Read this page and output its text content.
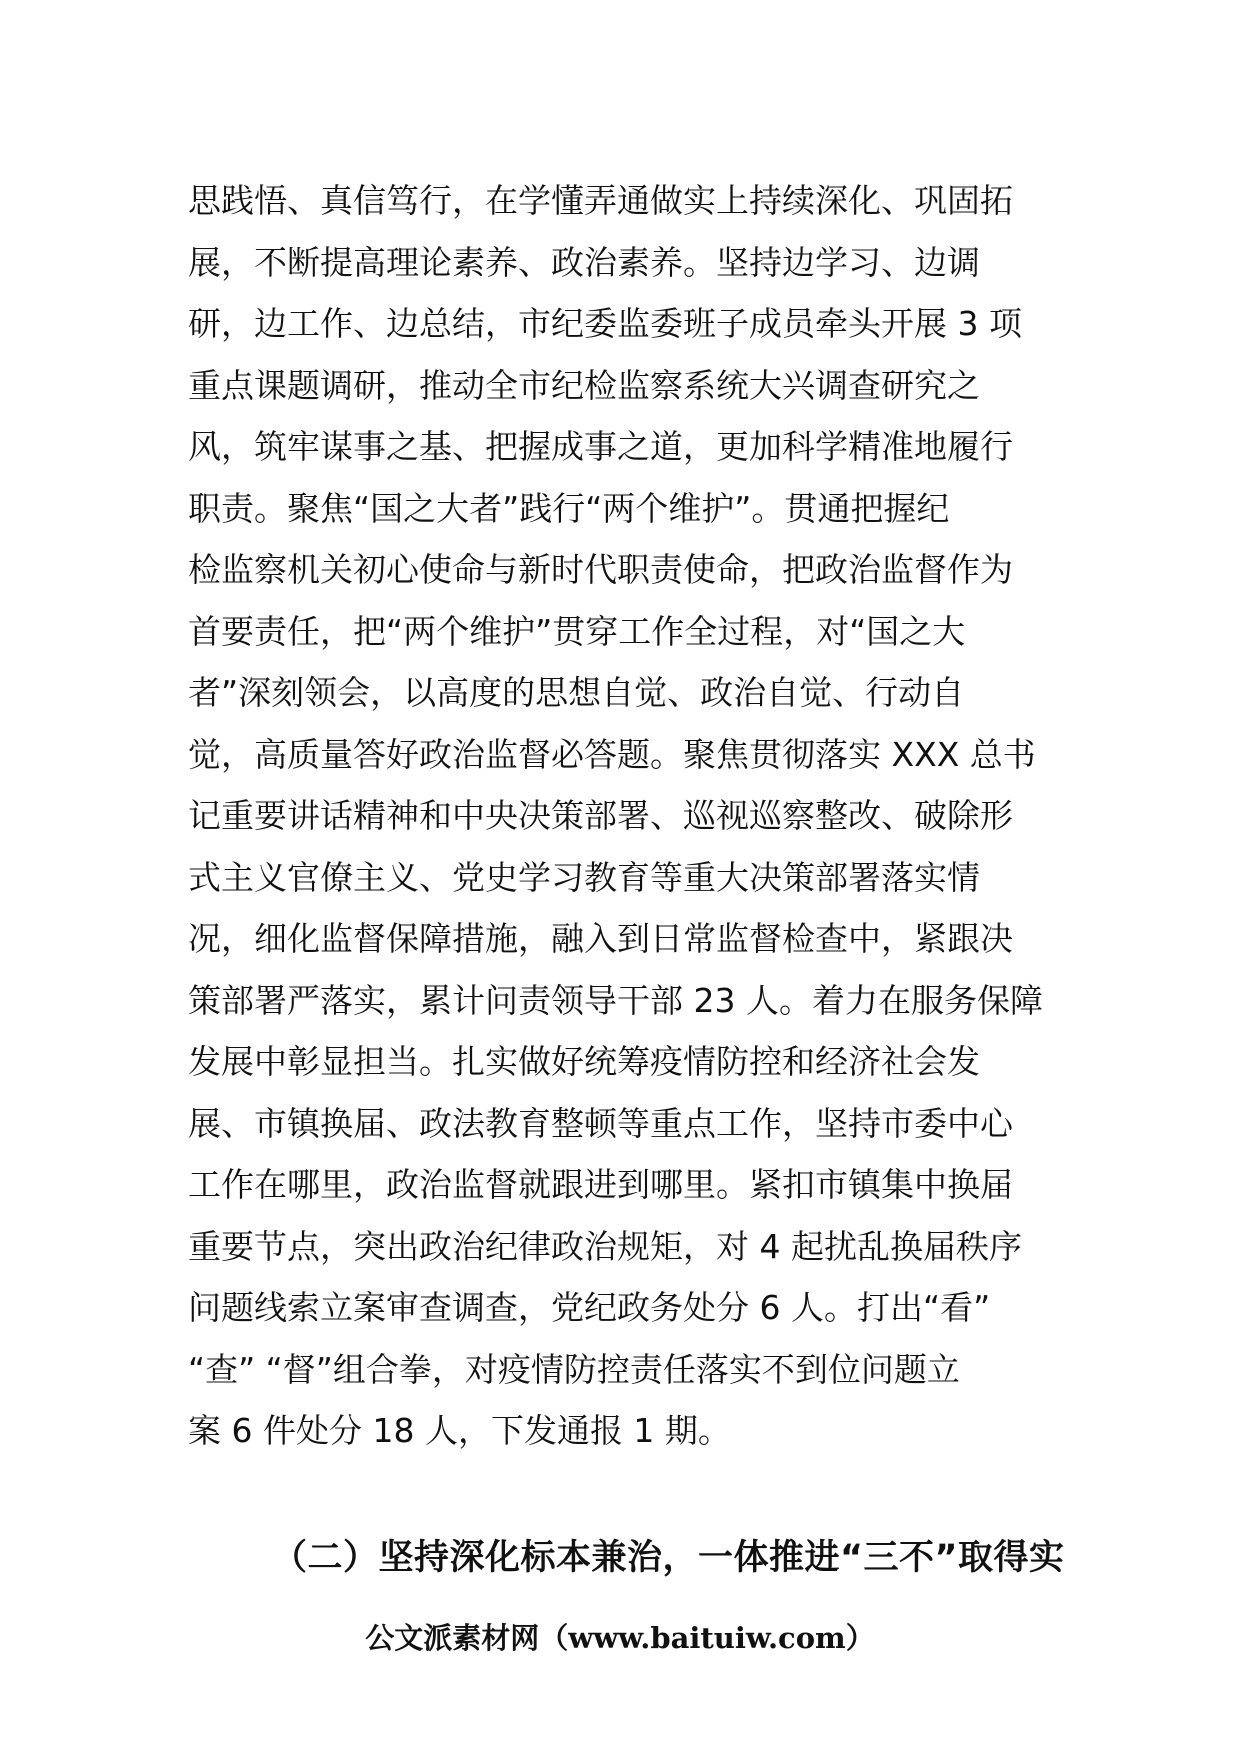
思践悟、真信笃行，在学懂弄通做实上持续深化、巩固拓
展，不断提高理论素养、政治素养。坚持边学习、边调
研，边工作、边总结，市纪委监委班子成员牵头开展 3 项
重点课题调研，推动全市纪检监察系统大兴调查研究之
风，筑牢谋事之基、把握成事之道，更加科学精准地履行
职责。聚焦“国之大者”践行“两个维护”。贯通把握纪
检监察机关初心使命与新时代职责使命，把政治监督作为
首要责任，把“两个维护”贯穿工作全过程，对“国之大
者”深刻领会，以高度的思想自觉、政治自觉、行动自
觉，高质量答好政治监督必答题。聚焦贯彻落实 XXX 总书
记重要讲话精神和中央决策部署、巡视巡察整改、破除形
式主义官僚主义、党史学习教育等重大决策部署落实情
况，细化监督保障措施，融入到日常监督检查中，紧跟决
策部署严落实，累计问责领导干部 23 人。着力在服务保障
发展中彰显担当。扎实做好统筹疫情防控和经济社会发
展、市镇换届、政法教育整顿等重点工作，坚持市委中心
工作在哪里，政治监督就跟进到哪里。紧扣市镇集中换届
重要节点，突出政治纪律政治规矩，对 4 起扰乱换届秩序
问题线索立案审查调查，党纪政务处分 6 人。打出“看”
“查” “督”组合拳，对疫情防控责任落实不到位问题立
案 6 件处分 18 人，下发通报 1 期。
（二）坚持深化标本兼治，一体推进“三不”取得实
公文派素材网（www.baituiw.com）
